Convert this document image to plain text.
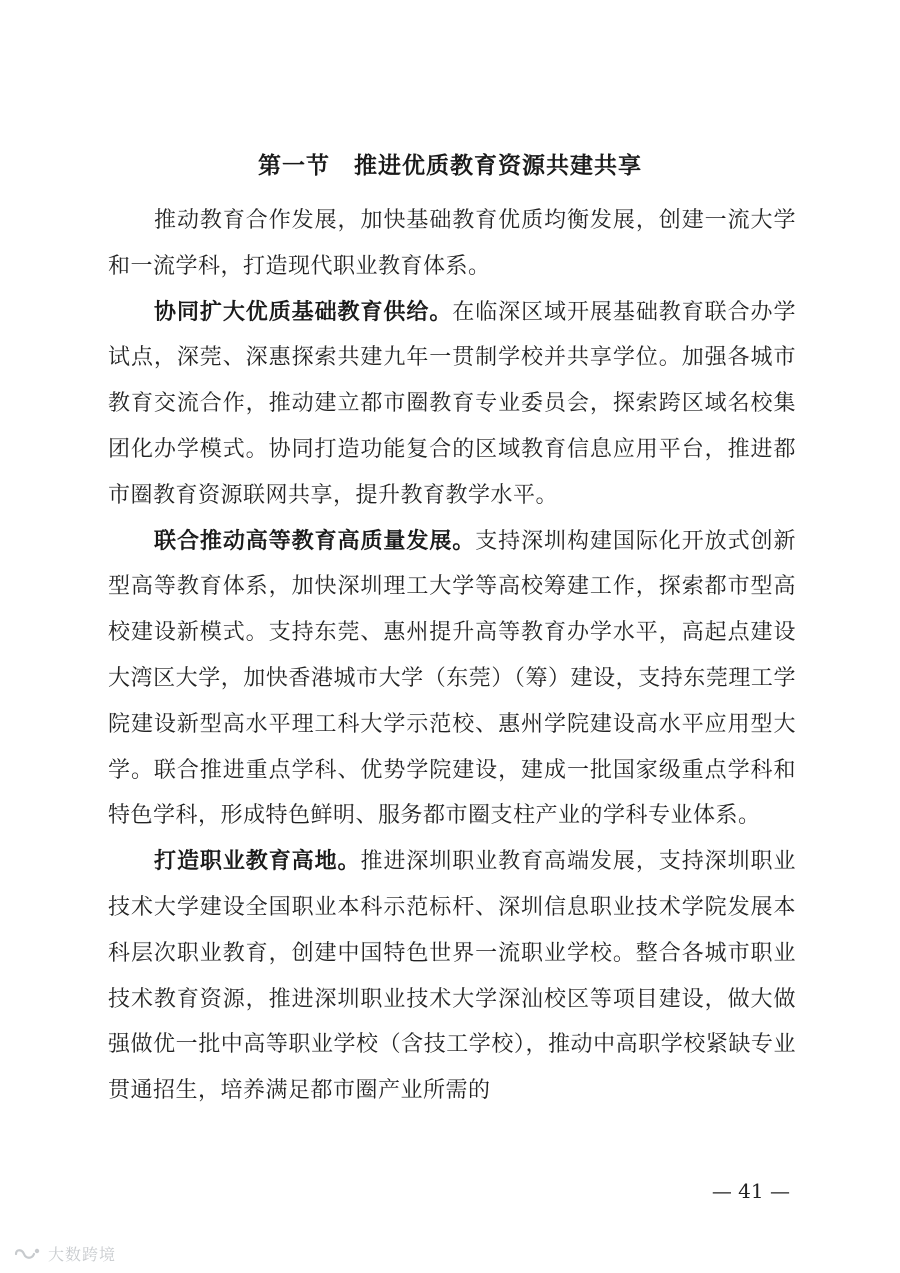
第一节　推进优质教育资源共建共享

推动教育合作发展，加快基础教育优质均衡发展，创建一流大学和一流学科，打造现代职业教育体系。

协同扩大优质基础教育供给。在临深区域开展基础教育联合办学试点，深莞、深惠探索共建九年一贯制学校并共享学位。加强各城市教育交流合作，推动建立都市圈教育专业委员会，探索跨区域名校集团化办学模式。协同打造功能复合的区域教育信息应用平台，推进都市圈教育资源联网共享，提升教育教学水平。

联合推动高等教育高质量发展。支持深圳构建国际化开放式创新型高等教育体系，加快深圳理工大学等高校筹建工作，探索都市型高校建设新模式。支持东莞、惠州提升高等教育办学水平，高起点建设大湾区大学，加快香港城市大学（东莞）（筹）建设，支持东莞理工学院建设新型高水平理工科大学示范校、惠州学院建设高水平应用型大学。联合推进重点学科、优势学院建设，建成一批国家级重点学科和特色学科，形成特色鲜明、服务都市圈支柱产业的学科专业体系。

打造职业教育高地。推进深圳职业教育高端发展，支持深圳职业技术大学建设全国职业本科示范标杆、深圳信息职业技术学院发展本科层次职业教育，创建中国特色世界一流职业学校。整合各城市职业技术教育资源，推进深圳职业技术大学深汕校区等项目建设，做大做强做优一批中高等职业学校（含技工学校），推动中高职学校紧缺专业贯通招生，培养满足都市圈产业所需的

— 41 —
大数跨境
